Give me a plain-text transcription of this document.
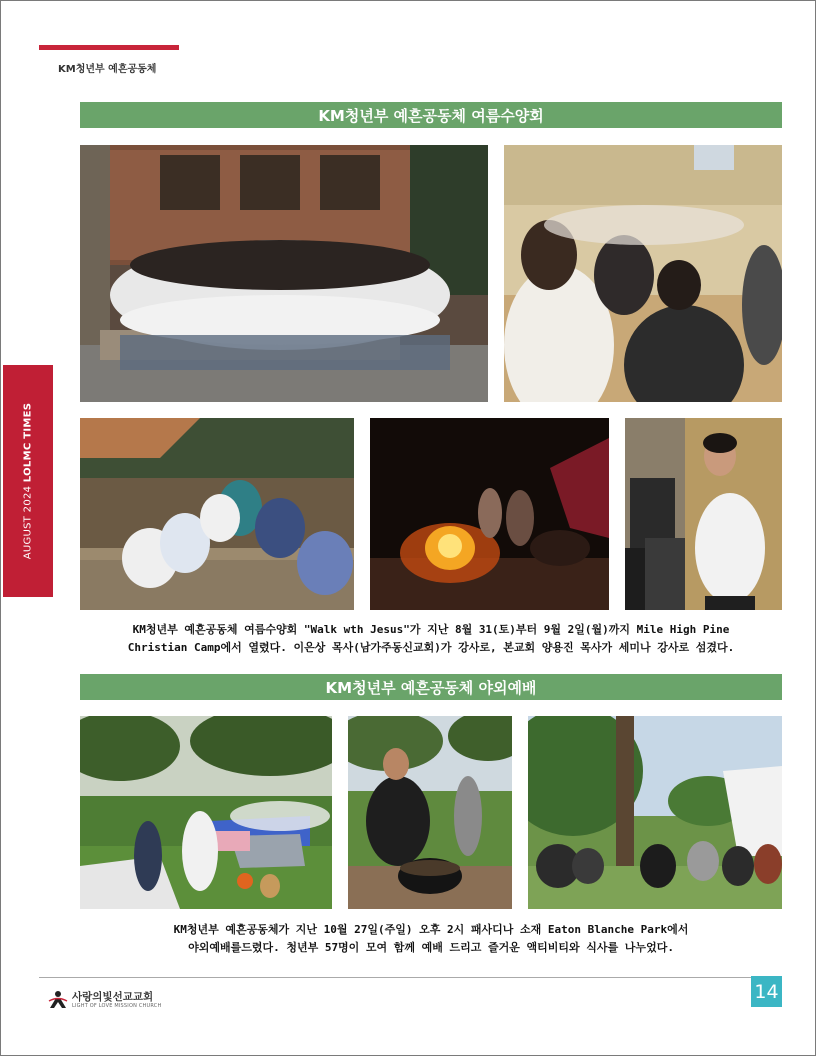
KM청년부 예흔공동체
AUGUST 2024 LOLMC TIMES
KM청년부 예흔공동체 여름수양회
KM청년부 예흔공동체 여름수양회 "Walk wth Jesus"가 지난 8월 31(토)부터 9월 2일(월)까지 Mile High Pine
Christian Camp에서 열렸다. 이은상 목사(남가주동신교회)가 강사로, 본교회 양용진 목사가 세미나 강사로 섬겼다.
KM청년부 예흔공동체 야외예배
KM청년부 예흔공동체가 지난 10월 27일(주일) 오후 2시 패사디나 소재 Eaton Blanche Park에서
야외예배를드렸다. 청년부 57명이 모여 함께 예배 드리고 즐거운 액티비티와 식사를 나누었다.
사랑의빛선교교회
LIGHT OF LOVE MISSION CHURCH
14
